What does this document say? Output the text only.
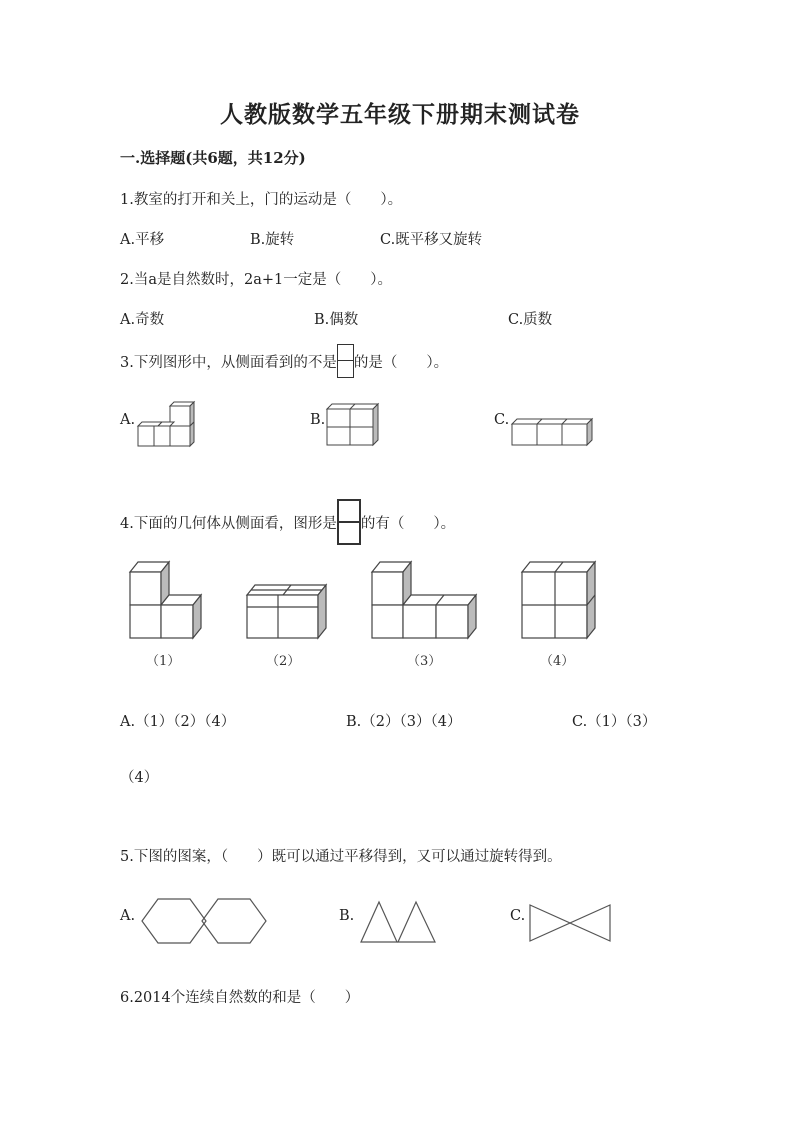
人教版数学五年级下册期末测试卷
一.选择题(共6题，共12分)
1.教室的打开和关上，门的运动是（　　）。
A.平移	B.旋转	C.既平移又旋转
2.当a是自然数时，2a+1一定是（　　）。
A.奇数	B.偶数	C.质数
3.下列图形中，从侧面看到的不是 的是（　　）。
A.	B.	C.
4.下面的几何体从侧面看，图形是 的有（　　）。
（1）	（2）	（3）	（4）
A.（1）（2）（4）	B.（2）（3）（4）	C.（1）（3）
（4）
5.下图的图案，（　　）既可以通过平移得到，又可以通过旋转得到。
A.	B.	C.
6.2014个连续自然数的和是（　　）
